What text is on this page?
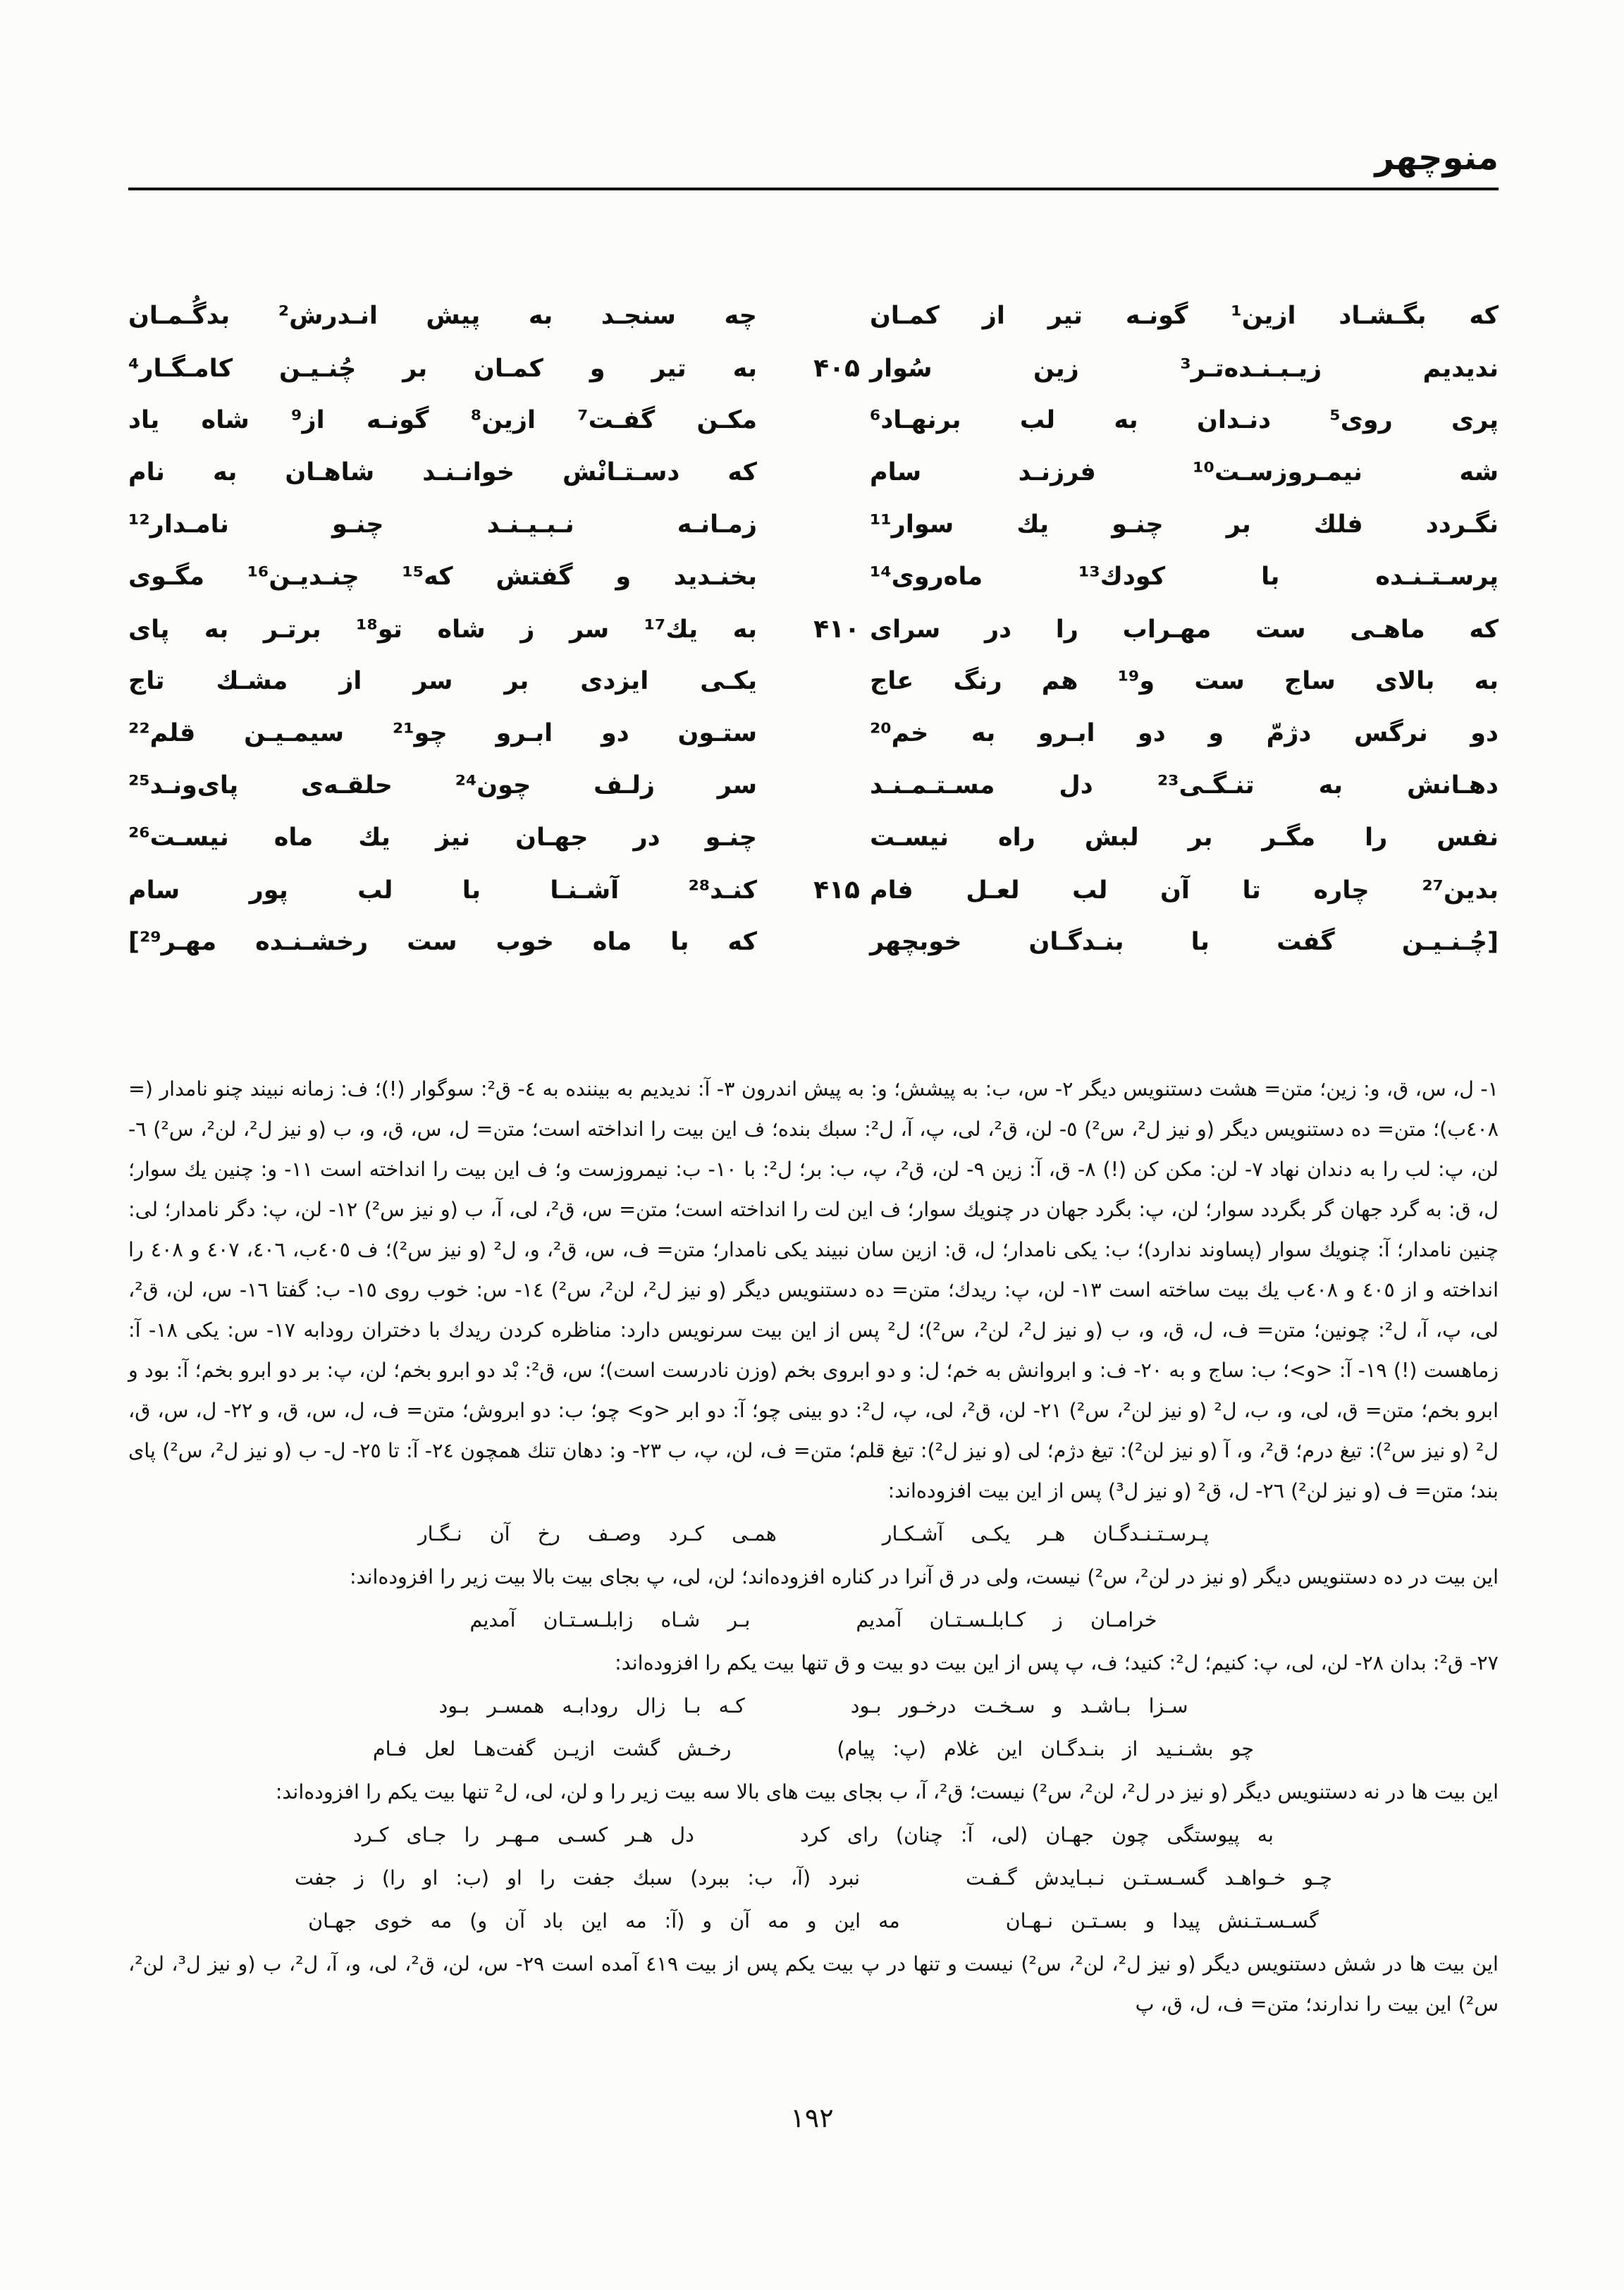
منوچهر
که بگـشـاد ازین¹ گونـه تیر از کمـان
چه سنجـد به پیش انـدرش² بدگُـمـان
ندیدیم زیـبـنـده‌تـر³ زین سُوار
۴۰۵
به تیر و کمـان بر چُنـیـن کامـگـار⁴
پری روی⁵ دنـدان به لب برنهـاد⁶
مکـن گفـت⁷ ازین⁸ گونـه از⁹ شاه یاد
شه نیمـروزسـت¹⁰ فرزنـد سام
که دسـتـانْش خوانـنـد شاهـان به نام
نگـردد فلك بر چنـو یك سوار¹¹
زمـانـه نـبـیـنـد چنـو نامـدار¹²
پرسـتـنـده با کودك¹³ ماه‌روی¹⁴
بخنـدید و گفتش که¹⁵ چنـدیـن¹⁶ مگـوی
که ماهـی ست مهـراب را در سرای
۴۱۰
به یك¹⁷ سر ز شاه تو¹⁸ برتـر به پای
به بالای ساج ست و¹⁹ هم رنگ عاج
یکـی ایزدی بر سر از مشـك تاج
دو نرگس دژمّ و دو ابـرو به خم²⁰
ستـون دو ابـرو چو²¹ سیمـیـن قلم²²
دهـانش به تنـگـی²³ دل مسـتـمـنـد
سر زلـف چون²⁴ حلقـه‌ی پای‌ونـد²⁵
نفس را مگـر بر لبش راه نیسـت
چنـو در جهـان نیز یك ماه نیسـت²⁶
بدین²⁷ چاره تا آن لب لعـل فام
۴۱۵
کنـد²⁸ آشـنـا با لب پور سام
[چُـنـیـن گفت با بنـدگـان خوبچهر
که با ماه خوب ست رخشـنـده مهـر²⁹‏]

١- ل، س، ق، و: زین؛ متن= هشت دستنویس دیگر ٢- س، ب: به پیشش؛ و: به پیش اندرون ٣- آ: ندیدیم به بیننده به ٤- ق²: سوگوار (!)؛ ف: زمانه نبیند چنو نامدار (= ٤٠٨ب)؛ متن= ده دستنویس دیگر (و نیز ل²، س²) ٥- لن، ق²، لی، پ، آ، ل²: سبك بنده؛ ف این بیت را انداخته است؛ متن= ل، س، ق، و، ب (و نیز ل²، لن²، س²) ٦- لن، پ: لب را به دندان نهاد ٧- لن: مکن کن (!) ٨- ق، آ: زین ٩- لن، ق²، پ، ب: بر؛ ل²: با ١٠- ب: نیمروزست و؛ ف این بیت را انداخته است ١١- و: چنین یك سوار؛ ل، ق: به گرد جهان گر بگردد سوار؛ لن، پ: بگرد جهان در چنویك سوار؛ ف این لت را انداخته است؛ متن= س، ق²، لی، آ، ب (و نیز س²) ١٢- لن، پ: دگر نامدار؛ لی: چنین نامدار؛ آ: چنویك سوار (پساوند ندارد)؛ ب: یکی نامدار؛ ل، ق: ازین سان نبیند یکی نامدار؛ متن= ف، س، ق²، و، ل² (و نیز س²)؛ ف ٤٠٥ب، ٤٠٦، ٤٠٧ و ٤٠٨ را انداخته و از ٤٠٥ و ٤٠٨ب یك بیت ساخته است ١٣- لن، پ: ریدك؛ متن= ده دستنویس دیگر (و نیز ل²، لن²، س²) ١٤- س: خوب روی ١٥- ب: گفتا ١٦- س، لن، ق²، لی، پ، آ، ل²: چونین؛ متن= ف، ل، ق، و، ب (و نیز ل²، لن²، س²)؛ ل² پس از این بیت سرنویس دارد: مناظره کردن ریدك با دختران رودابه ١٧- س: یکی ١٨- آ: زماهست (!) ١٩- آ: <و>؛ ب: ساج و به ٢٠- ف: و ابروانش به خم؛ ل: و دو ابروی بخم (وزن نادرست است)؛ س، ق²: بْد دو ابرو بخم؛ لن، پ: بر دو ابرو بخم؛ آ: بود و ابرو بخم؛ متن= ق، لی، و، ب، ل² (و نیز لن²، س²) ٢١- لن، ق²، لی، پ، ل²: دو بینی چو؛ آ: دو ابر <و> چو؛ ب: دو ابروش؛ متن= ف، ل، س، ق، و ٢٢- ل، س، ق، ل² (و نیز س²): تیغ درم؛ ق²، و، آ (و نیز لن²): تیغ دژم؛ لی (و نیز ل²): تیغ قلم؛ متن= ف، لن، پ، ب ٢٣- و: دهان تنك همچون ٢٤- آ: تا ٢٥- ل- ب (و نیز ل²، س²) پای بند؛ متن= ف (و نیز لن²) ٢٦- ل، ق² (و نیز ل³) پس از این بیت افزوده‌اند:

پـرسـتـنـدگـان هـر یکـی آشـکـار
همـی کـرد وصـف رخ آن نـگـار

این بیت در ده دستنویس دیگر (و نیز در لن²، س²) نیست، ولی در ق آنرا در کناره افزوده‌اند؛ لن، لی، پ بجای بیت بالا بیت زیر را افزوده‌اند:

خرامـان ز کـابلـسـتـان آمدیم
بـر شـاه زابلـسـتـان آمدیم

٢٧- ق²: بدان ٢٨- لن، لی، پ: کنیم؛ ل²: کنید؛ ف، پ پس از این بیت دو بیت و ق تنها بیت یکم را افزوده‌اند:

سـزا بـاشـد و سـخـت درخـور بـود
کـه بـا زال رودابـه همسـر بـود
چو بشـنـید از بنـدگـان این غلام (پ: پیام)
رخـش گشت ازیـن گفت‌هـا لعل فـام

این بیت ها در نه دستنویس دیگر (و نیز در ل²، لن²، س²) نیست؛ ق²، آ، ب بجای بیت های بالا سه بیت زیر را و لن، لی، ل² تنها بیت یکم را افزوده‌اند:

به پیوستگی چون جهـان (لی، آ: چنان) رای کرد
دل هـر کسـی مـهـر را جـای کـرد
چـو خـواهـد گسـسـتـن نـبـایدش گـفـت
نبرد (آ، ب: ببرد) سبك جفت را او (ب: او را) ز جفت
گسـسـتـنش پیدا و بسـتـن نـهـان
مه این و مه آن و (آ: مه این باد آن و) مه خوی جهـان

این بیت ها در شش دستنویس دیگر (و نیز ل²، لن²، س²) نیست و تنها در پ بیت یکم پس از بیت ٤١٩ آمده است ٢٩- س، لن، ق²، لی، و، آ، ل²، ب (و نیز ل³، لن²، س²) این بیت را ندارند؛ متن= ف، ل، ق، پ

۱۹۲
